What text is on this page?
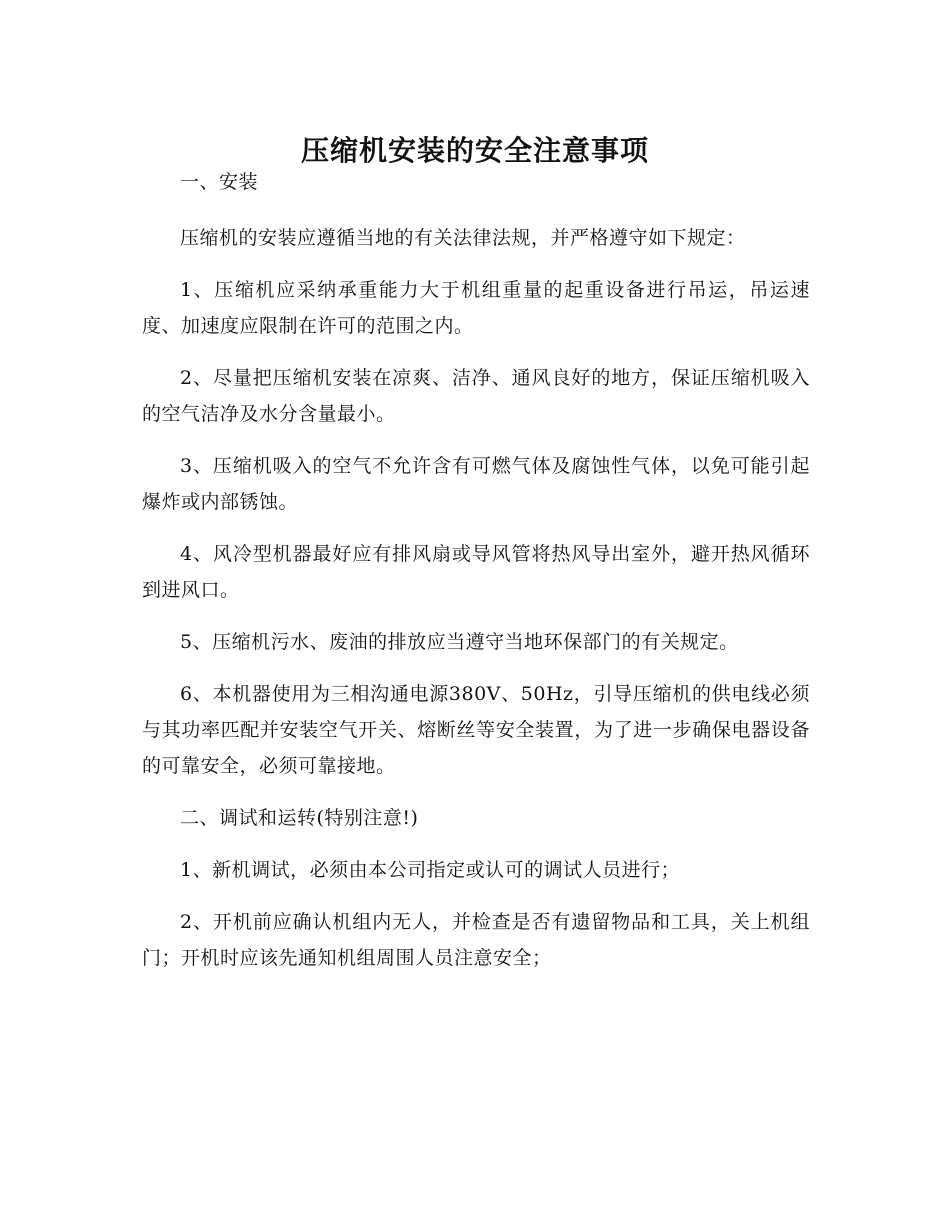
压缩机安装的安全注意事项

一、安装

压缩机的安装应遵循当地的有关法律法规，并严格遵守如下规定：

1、压缩机应采纳承重能力大于机组重量的起重设备进行吊运，吊运速度、加速度应限制在许可的范围之内。

2、尽量把压缩机安装在凉爽、洁净、通风良好的地方，保证压缩机吸入的空气洁净及水分含量最小。

3、压缩机吸入的空气不允许含有可燃气体及腐蚀性气体，以免可能引起爆炸或内部锈蚀。

4、风冷型机器最好应有排风扇或导风管将热风导出室外，避开热风循环到进风口。

5、压缩机污水、废油的排放应当遵守当地环保部门的有关规定。

6、本机器使用为三相沟通电源380V、50Hz，引导压缩机的供电线必须与其功率匹配并安装空气开关、熔断丝等安全装置，为了进一步确保电器设备的可靠安全，必须可靠接地。

二、调试和运转(特别注意!)

1、新机调试，必须由本公司指定或认可的调试人员进行；

2、开机前应确认机组内无人，并检查是否有遗留物品和工具，关上机组门；开机时应该先通知机组周围人员注意安全；
